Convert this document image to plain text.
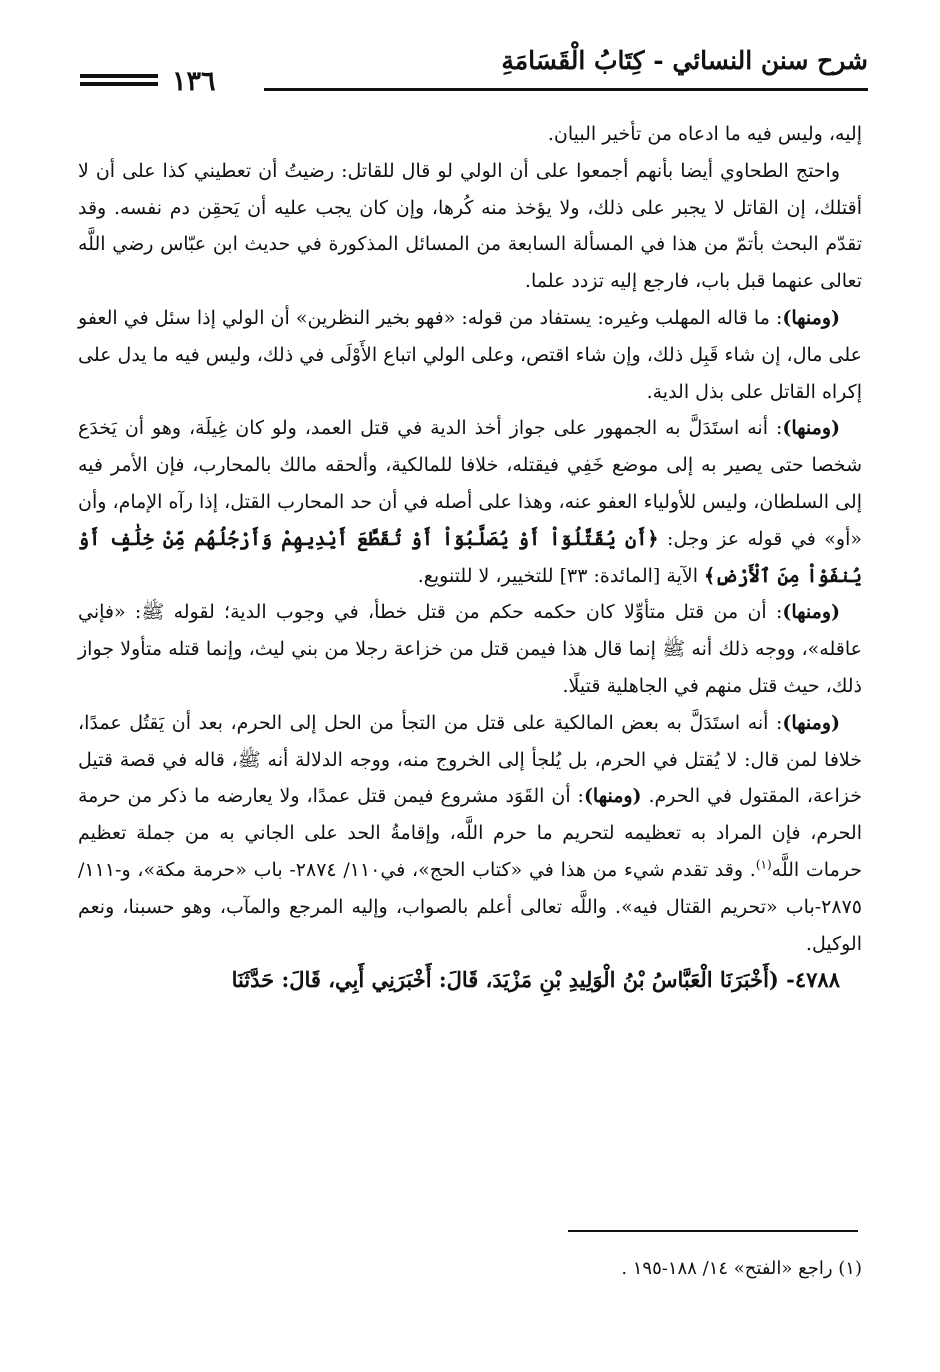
شرح سنن النسائي - كِتَابُ الْقَسَامَةِ
١٣٦

إليه، وليس فيه ما ادعاه من تأخير البيان.

واحتج الطحاوي أيضا بأنهم أجمعوا على أن الولي لو قال للقاتل: رضيتُ أن تعطيني كذا على أن لا أقتلك، إن القاتل لا يجبر على ذلك، ولا يؤخذ منه كُرها، وإن كان يجب عليه أن يَحقِن دم نفسه. وقد تقدّم البحث بأتمّ من هذا في المسألة السابعة من المسائل المذكورة في حديث ابن عبّاس رضي اللَّه تعالى عنهما قبل باب، فارجع إليه تزدد علما.

(ومنها): ما قاله المهلب وغيره: يستفاد من قوله: «فهو بخير النظرين» أن الولي إذا سئل في العفو على مال، إن شاء قَبِل ذلك، وإن شاء اقتص، وعلى الولي اتباع الأَوْلَى في ذلك، وليس فيه ما يدل على إكراه القاتل على بذل الدية.

(ومنها): أنه استَدَلَّ به الجمهور على جواز أخذ الدية في قتل العمد، ولو كان غِيلَة، وهو أن يَخدَع شخصا حتى يصير به إلى موضع خَفِي فيقتله، خلافا للمالكية، وألحقه مالك بالمحارب، فإن الأمر فيه إلى السلطان، وليس للأولياء العفو عنه، وهذا على أصله في أن حد المحارب القتل، إذا رآه الإمام، وأن «أو» في قوله عز وجل: ﴿أَن يُقَتَّلُوٓاْ أَوْ يُصَلَّبُوٓاْ أَوْ تُقَطَّعَ أَيْدِيهِمْ وَأَرْجُلُهُم مِّنْ خِلَٰفٍ أَوْ يُنفَوْاْ مِنَ ٱلْأَرْضِ﴾ الآية [المائدة: ٣٣] للتخيير، لا للتنويع.

(ومنها): أن من قتل متأوِّلا كان حكمه حكم من قتل خطأ، في وجوب الدية؛ لقوله ﷺ: «فإني عاقله»، ووجه ذلك أنه ﷺ إنما قال هذا فيمن قتل من خزاعة رجلا من بني ليث، وإنما قتله متأولا جواز ذلك، حيث قتل منهم في الجاهلية قتيلًا.

(ومنها): أنه استَدَلَّ به بعض المالكية على قتل من التجأ من الحل إلى الحرم، بعد أن يَقتُل عمدًا، خلافا لمن قال: لا يُقتل في الحرم، بل يُلجأ إلى الخروج منه، ووجه الدلالة أنه ﷺ، قاله في قصة قتيل خزاعة، المقتول في الحرم. (ومنها): أن القَوَد مشروع فيمن قتل عمدًا، ولا يعارضه ما ذكر من حرمة الحرم، فإن المراد به تعظيمه لتحريم ما حرم اللَّه، وإقامةُ الحد على الجاني به من جملة تعظيم حرمات اللَّه$^{(١)}$. وقد تقدم شيء من هذا في «كتاب الحج»، في١١٠/ ٢٨٧٤- باب «حرمة مكة»، و-١١١/ ٢٨٧٥-باب «تحريم القتال فيه». واللَّه تعالى أعلم بالصواب، وإليه المرجع والمآب، وهو حسبنا، ونعم الوكيل.

٤٧٨٨- (أَخْبَرَنَا الْعَبَّاسُ بْنُ الْوَلِيدِ بْنِ مَزْيَدَ، قَالَ: أَخْبَرَنِي أَبِي، قَالَ: حَدَّثَنَا

(١) راجع «الفتح» ١٤/ ١٨٨-١٩٥ .
